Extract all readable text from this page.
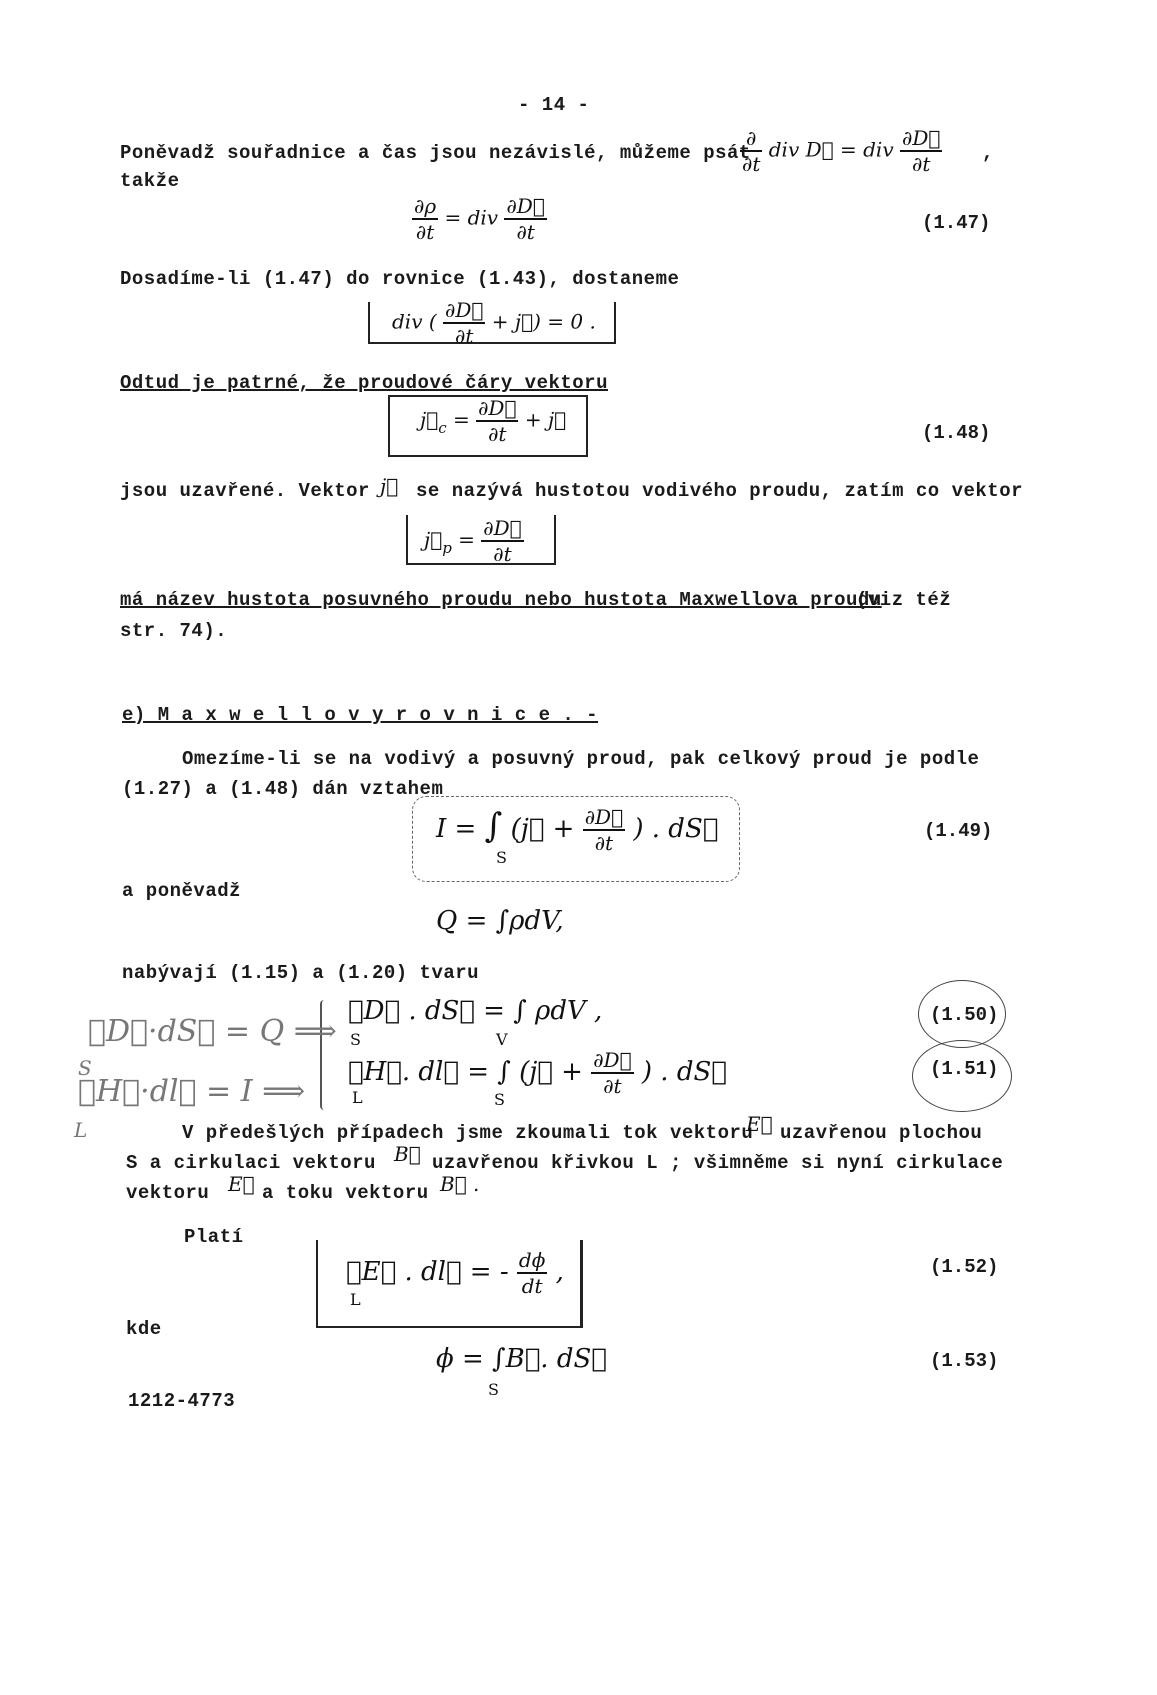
- 14 -
Poněvadž souřadnice a čas jsou nezávislé, můžeme psát
$\frac{\partial}{\partial t}$ div D⃗ = div $\frac{\partial D⃗}{\partial t}$ ,
takže
$\frac{\partial\rho}{\partial t}$ = div $\frac{\partial D⃗}{\partial t}$	(1.47)
Dosadíme-li (1.47) do rovnice (1.43), dostaneme
div ( $\frac{\partial D⃗}{\partial t}$ + j⃗) = 0 .
Odtud je patrné, že proudové čáry vektoru
$j⃗_c = \frac{\partial D⃗}{\partial t}$ + j⃗
(1.48)
jsou uzavřené. Vektor j⃗ se nazývá hustotou vodivého proudu, zatím co vektor
$j⃗_p = \frac{\partial D⃗}{\partial t}$
má název hustota posuvného proudu nebo hustota Maxwellova proudu
(viz též
str. 74).
e) M a x w e l l o v y r o v n i c e . -
Omezíme-li se na vodivý a posuvný proud, pak celkový proud je podle
(1.27) a (1.48) dán vztahem
I = ∫ (j⃗ + $\frac{\partial D⃗}{\partial t}$ ) . dS⃗
S
(1.49)
a poněvadž
Q = ∫ρdV,
nabývají (1.15) a (1.20) tvaru
∮D⃗ . dS⃗ = ∫ ρdV ,
S	V
(1.50)
∮H⃗. dl⃗ = ∫ (j⃗ + $\frac{\partial D⃗}{\partial t}$ ) . dS⃗
L	S
(1.51)
∮D⃗·dS⃗ = Q ⟹
S
∮H⃗·dl⃗ = I ⟹
L	V předešlých případech jsme zkoumali tok vektoru
E⃗ uzavřenou plochou
S a cirkulaci vektoru B⃗ uzavřenou křivkou L ; všimněme si nyní cirkulace
vektoru E⃗ a toku vektoru B⃗ .
Platí
∮E⃗ . dl⃗ = - $\frac{d\phi}{dt}$ ,
L
(1.52)
kde
ϕ = ∫B⃗. dS⃗
S
(1.53)
1212-4773
